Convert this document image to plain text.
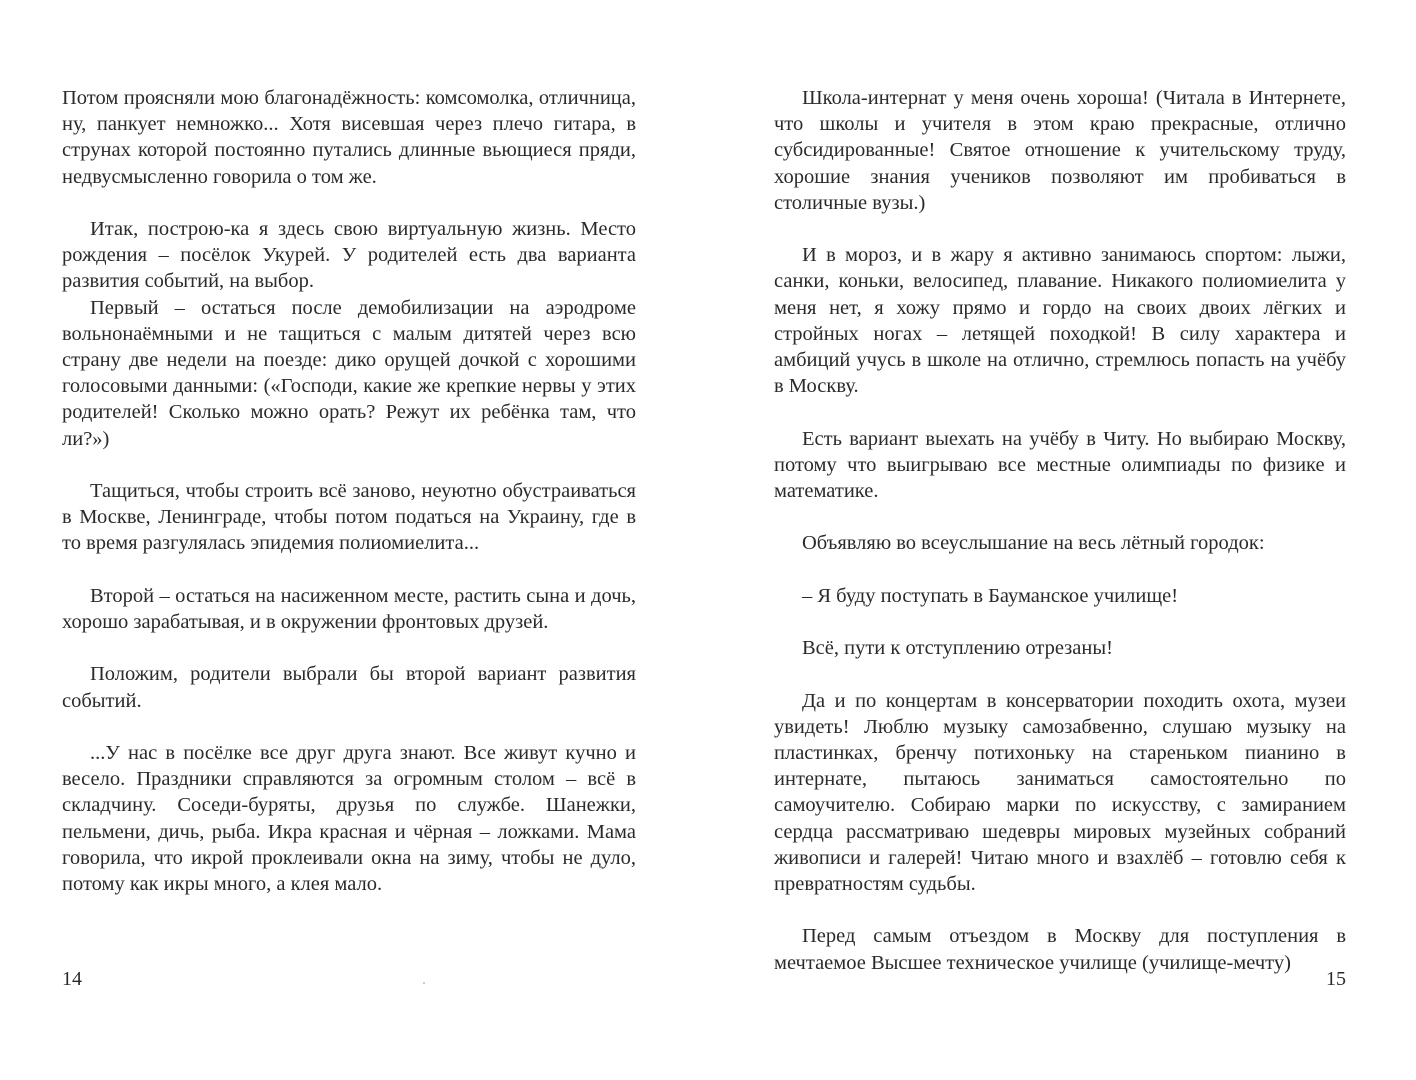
Потом проясняли мою благонадёжность: комсомолка, отличница, ну, панкует немножко... Хотя висевшая через плечо гитара, в струнах которой постоянно путались длинные вьющиеся пряди, недвусмысленно говорила о том же.

Итак, построю-ка я здесь свою виртуальную жизнь. Место рождения – посёлок Укурей. У родителей есть два варианта развития событий, на выбор.

Первый – остаться после демобилизации на аэродроме вольнонаёмными и не тащиться с малым дитятей через всю страну две недели на поезде: дико орущей дочкой с хорошими голосовыми данными: («Господи, какие же крепкие нервы у этих родителей! Сколько можно орать? Режут их ребёнка там, что ли?»)

Тащиться, чтобы строить всё заново, неуютно обустраиваться в Москве, Ленинграде, чтобы потом податься на Украину, где в то время разгулялась эпидемия полиомиелита...

Второй – остаться на насиженном месте, растить сына и дочь, хорошо зарабатывая, и в окружении фронтовых друзей.

Положим, родители выбрали бы второй вариант развития событий.

...У нас в посёлке все друг друга знают. Все живут кучно и весело. Праздники справляются за огромным столом – всё в складчину. Соседи-буряты, друзья по службе. Шанежки, пельмени, дичь, рыба. Икра красная и чёрная – ложками. Мама говорила, что икрой проклеивали окна на зиму, чтобы не дуло, потому как икры много, а клея мало.

14

Школа-интернат у меня очень хороша! (Читала в Интернете, что школы и учителя в этом краю прекрасные, отлично субсидированные! Святое отношение к учительскому труду, хорошие знания учеников позволяют им пробиваться в столичные вузы.)

И в мороз, и в жару я активно занимаюсь спортом: лыжи, санки, коньки, велосипед, плавание. Никакого полиомиелита у меня нет, я хожу прямо и гордо на своих двоих лёгких и стройных ногах – летящей походкой! В силу характера и амбиций учусь в школе на отлично, стремлюсь попасть на учёбу в Москву.

Есть вариант выехать на учёбу в Читу. Но выбираю Москву, потому что выигрываю все местные олимпиады по физике и математике.

Объявляю во всеуслышание на весь лётный городок:

– Я буду поступать в Бауманское училище!

Всё, пути к отступлению отрезаны!

Да и по концертам в консерватории походить охота, музеи увидеть! Люблю музыку самозабвенно, слушаю музыку на пластинках, бренчу потихоньку на стареньком пианино в интернате, пытаюсь заниматься самостоятельно по самоучителю. Собираю марки по искусству, с замиранием сердца рассматриваю шедевры мировых музейных собраний живописи и галерей! Читаю много и взахлёб – готовлю себя к превратностям судьбы.

Перед самым отъездом в Москву для поступления в мечтаемое Высшее техническое училище (училище-мечту)

15
